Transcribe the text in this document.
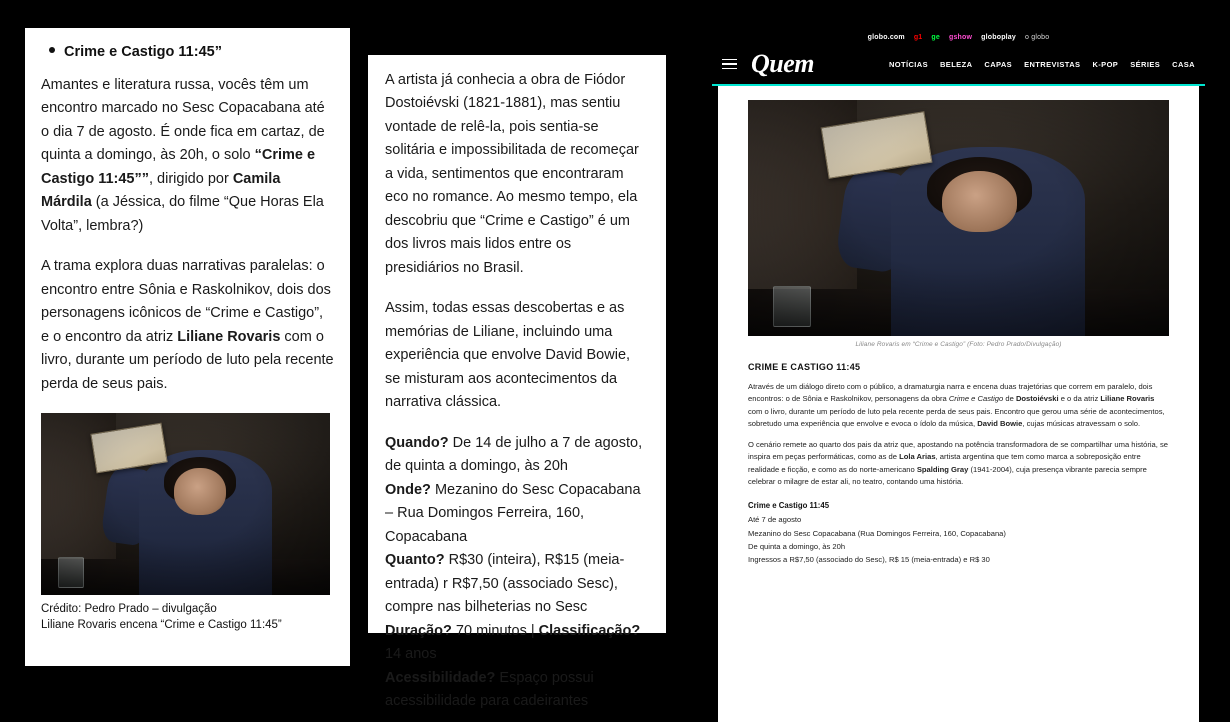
Crime e Castigo 11:45”

Amantes e literatura russa, vocês têm um encontro marcado no Sesc Copacabana até o dia 7 de agosto. É onde fica em cartaz, de quinta a domingo, às 20h, o solo “Crime e Castigo 11:45””, dirigido por Camila Márdila (a Jéssica, do filme “Que Horas Ela Volta”, lembra?)

A trama explora duas narrativas paralelas: o encontro entre Sônia e Raskolnikov, dois dos personagens icônicos de “Crime e Castigo”, e o encontro da atriz Liliane Rovaris com o livro, durante um período de luto pela recente perda de seus pais.

Crédito: Pedro Prado – divulgação
Liliane Rovaris encena “Crime e Castigo 11:45”

A artista já conhecia a obra de Fiódor Dostoiévski (1821-1881), mas sentiu vontade de relê-la, pois sentia-se solitária e impossibilitada de recomeçar a vida, sentimentos que encontraram eco no romance. Ao mesmo tempo, ela descobriu que “Crime e Castigo” é um dos livros mais lidos entre os presidiários no Brasil.

Assim, todas essas descobertas e as memórias de Liliane, incluindo uma experiência que envolve David Bowie, se misturam aos acontecimentos da narrativa clássica.

Quando? De 14 de julho a 7 de agosto, de quinta a domingo, às 20h
Onde? Mezanino do Sesc Copacabana – Rua Domingos Ferreira, 160, Copacabana
Quanto? R$30 (inteira), R$15 (meia-entrada) r R$7,50 (associado Sesc), compre nas bilheterias no Sesc
Duração? 70 minutos | Classificação? 14 anos
Acessibilidade? Espaço possui acessibilidade para cadeirantes

globo.com g1 ge gshow globoplay o globo
Quem	NOTÍCIAS BELEZA CAPAS ENTREVISTAS K-POP SÉRIES CASA
Liliane Rovaris em “Crime e Castigo” (Foto: Pedro Prado/Divulgação)
CRIME E CASTIGO 11:45

Através de um diálogo direto com o público, a dramaturgia narra e encena duas trajetórias que correm em paralelo, dois encontros: o de Sônia e Raskolnikov, personagens da obra Crime e Castigo de Dostoiévski e o da atriz Liliane Rovaris com o livro, durante um período de luto pela recente perda de seus pais. Encontro que gerou uma série de acontecimentos, sobretudo uma experiência que envolve e evoca o ídolo da música, David Bowie, cujas músicas atravessam o solo.

O cenário remete ao quarto dos pais da atriz que, apostando na potência transformadora de se compartilhar uma história, se inspira em peças performáticas, como as de Lola Arias, artista argentina que tem como marca a sobreposição entre realidade e ficção, e como as do norte-americano Spalding Gray (1941-2004), cuja presença vibrante parecia sempre celebrar o milagre de estar ali, no teatro, contando uma história.

Crime e Castigo 11:45
Até 7 de agosto
Mezanino do Sesc Copacabana (Rua Domingos Ferreira, 160, Copacabana)
De quinta a domingo, às 20h
Ingressos a R$7,50 (associado do Sesc), R$ 15 (meia-entrada) e R$ 30
